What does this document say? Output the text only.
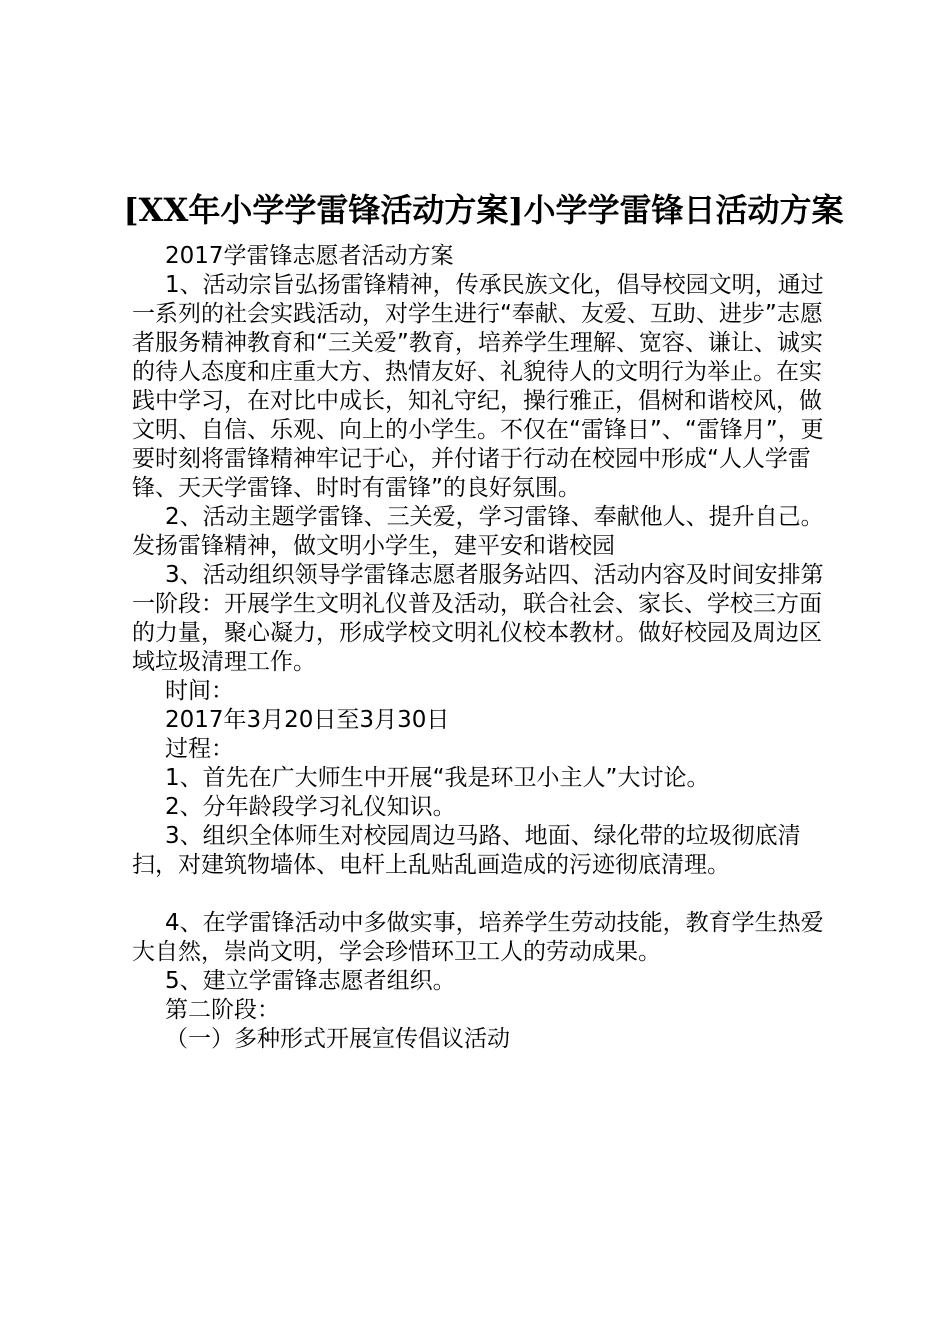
[XX年小学学雷锋活动方案]小学学雷锋日活动方案

2017学雷锋志愿者活动方案

1、活动宗旨弘扬雷锋精神，传承民族文化，倡导校园文明，通过一系列的社会实践活动，对学生进行“奉献、友爱、互助、进步”志愿者服务精神教育和“三关爱”教育，培养学生理解、宽容、谦让、诚实的待人态度和庄重大方、热情友好、礼貌待人的文明行为举止。在实践中学习，在对比中成长，知礼守纪，操行雅正，倡树和谐校风，做文明、自信、乐观、向上的小学生。不仅在“雷锋日”、“雷锋月”，更要时刻将雷锋精神牢记于心，并付诸于行动在校园中形成“人人学雷锋、天天学雷锋、时时有雷锋”的良好氛围。

2、活动主题学雷锋、三关爱，学习雷锋、奉献他人、提升自己。发扬雷锋精神，做文明小学生，建平安和谐校园

3、活动组织领导学雷锋志愿者服务站四、活动内容及时间安排第一阶段：开展学生文明礼仪普及活动，联合社会、家长、学校三方面的力量，聚心凝力，形成学校文明礼仪校本教材。做好校园及周边区域垃圾清理工作。

时间：

2017年3月20日至3月30日

过程：

1、首先在广大师生中开展“我是环卫小主人”大讨论。

2、分年龄段学习礼仪知识。

3、组织全体师生对校园周边马路、地面、绿化带的垃圾彻底清扫，对建筑物墙体、电杆上乱贴乱画造成的污迹彻底清理。

4、在学雷锋活动中多做实事，培养学生劳动技能，教育学生热爱大自然，崇尚文明，学会珍惜环卫工人的劳动成果。

5、建立学雷锋志愿者组织。

第二阶段：

（一）多种形式开展宣传倡议活动
